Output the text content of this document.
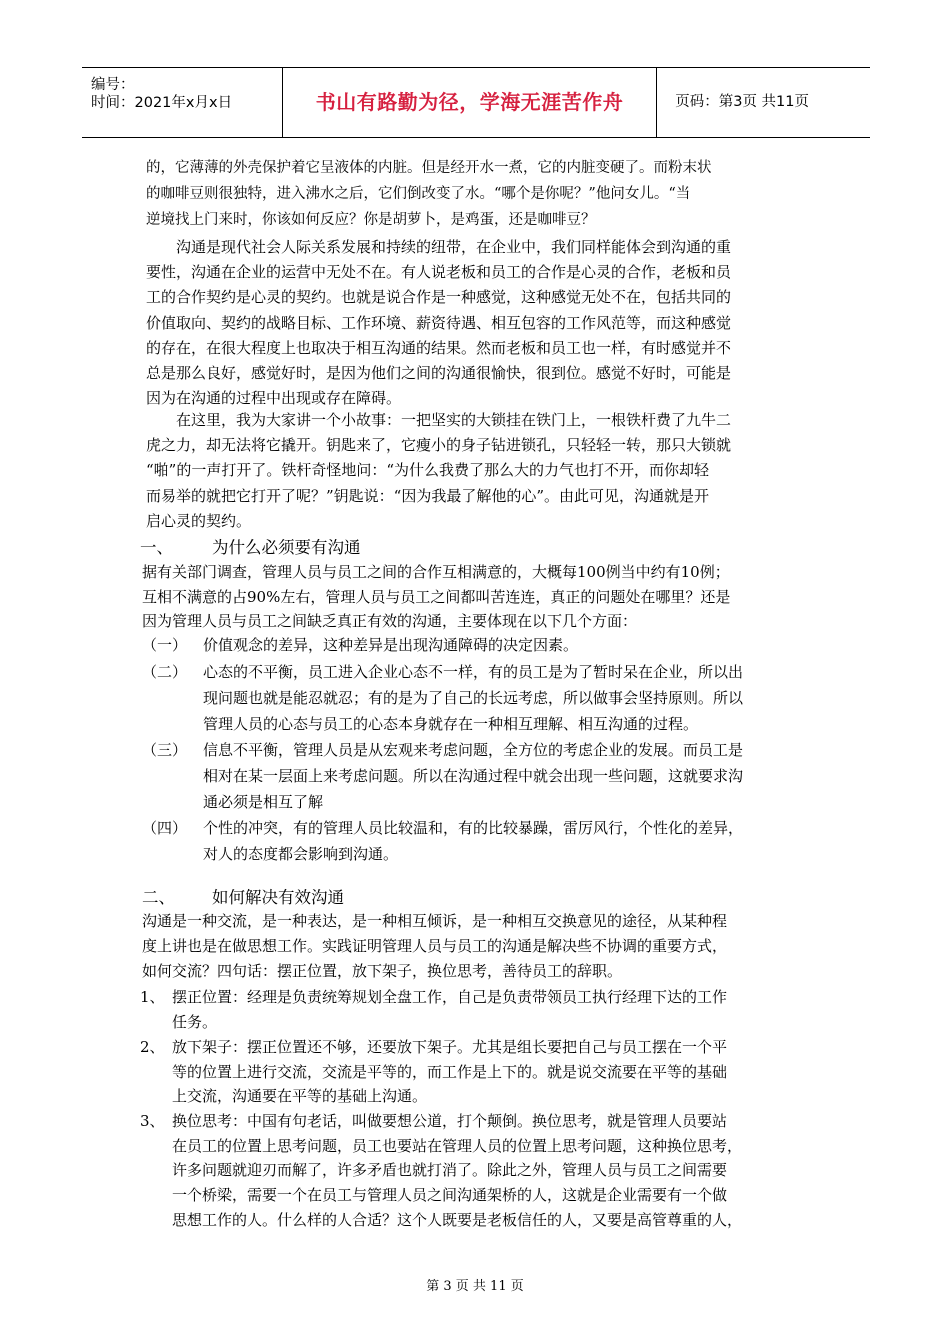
编号：
时间：2021年x月x日	书山有路勤为径，学海无涯苦作舟	页码：第3页 共11页
的，它薄薄的外壳保护着它呈液体的内脏。但是经开水一煮，它的内脏变硬了。而粉末状
的咖啡豆则很独特，进入沸水之后，它们倒改变了水。“哪个是你呢？”他问女儿。“当
逆境找上门来时，你该如何反应？你是胡萝卜，是鸡蛋，还是咖啡豆？
沟通是现代社会人际关系发展和持续的纽带，在企业中，我们同样能体会到沟通的重
要性，沟通在企业的运营中无处不在。有人说老板和员工的合作是心灵的合作，老板和员
工的合作契约是心灵的契约。也就是说合作是一种感觉，这种感觉无处不在，包括共同的
价值取向、契约的战略目标、工作环境、薪资待遇、相互包容的工作风范等，而这种感觉
的存在，在很大程度上也取决于相互沟通的结果。然而老板和员工也一样，有时感觉并不
总是那么良好，感觉好时，是因为他们之间的沟通很愉快，很到位。感觉不好时，可能是
因为在沟通的过程中出现或存在障碍。
在这里，我为大家讲一个小故事：一把坚实的大锁挂在铁门上，一根铁杆费了九牛二
虎之力，却无法将它撬开。钥匙来了，它瘦小的身子钻进锁孔，只轻轻一转，那只大锁就
“啪”的一声打开了。铁杆奇怪地问：“为什么我费了那么大的力气也打不开，而你却轻
而易举的就把它打开了呢？”钥匙说：“因为我最了解他的心”。由此可见，沟通就是开
启心灵的契约。
一、 为什么必须要有沟通
据有关部门调查，管理人员与员工之间的合作互相满意的，大概每100例当中约有10例；
互相不满意的占90%左右，管理人员与员工之间都叫苦连连，真正的问题处在哪里？还是
因为管理人员与员工之间缺乏真正有效的沟通，主要体现在以下几个方面：
（一） 价值观念的差异，这种差异是出现沟通障碍的决定因素。
（二） 心态的不平衡，员工进入企业心态不一样，有的员工是为了暂时呆在企业，所以出
现问题也就是能忍就忍；有的是为了自己的长远考虑，所以做事会坚持原则。所以
管理人员的心态与员工的心态本身就存在一种相互理解、相互沟通的过程。
（三） 信息不平衡，管理人员是从宏观来考虑问题，全方位的考虑企业的发展。而员工是
相对在某一层面上来考虑问题。所以在沟通过程中就会出现一些问题，这就要求沟
通必须是相互了解
（四） 个性的冲突，有的管理人员比较温和，有的比较暴躁，雷厉风行，个性化的差异，
对人的态度都会影响到沟通。
二、 如何解决有效沟通
沟通是一种交流，是一种表达，是一种相互倾诉，是一种相互交换意见的途径，从某种程
度上讲也是在做思想工作。实践证明管理人员与员工的沟通是解决些不协调的重要方式，
如何交流？四句话：摆正位置，放下架子，换位思考，善待员工的辞职。
1、 摆正位置：经理是负责统筹规划全盘工作，自己是负责带领员工执行经理下达的工作
任务。
2、 放下架子：摆正位置还不够，还要放下架子。尤其是组长要把自己与员工摆在一个平
等的位置上进行交流，交流是平等的，而工作是上下的。就是说交流要在平等的基础
上交流，沟通要在平等的基础上沟通。
3、 换位思考：中国有句老话，叫做要想公道，打个颠倒。换位思考，就是管理人员要站
在员工的位置上思考问题，员工也要站在管理人员的位置上思考问题，这种换位思考，
许多问题就迎刃而解了，许多矛盾也就打消了。除此之外，管理人员与员工之间需要
一个桥梁，需要一个在员工与管理人员之间沟通架桥的人，这就是企业需要有一个做
思想工作的人。什么样的人合适？这个人既要是老板信任的人，又要是高管尊重的人，
第 3 页 共 11 页
